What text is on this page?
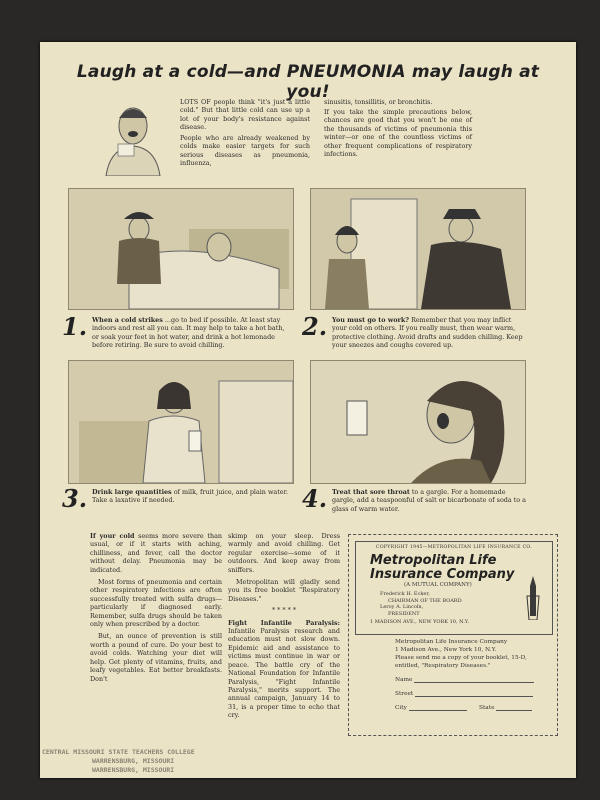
Laugh at a cold—and PNEUMONIA may laugh at you!

LOTS OF people think "it's just a little cold." But that little cold can use up a lot of your body's resistance against disease.

People who are already weakened by colds make easier targets for such serious diseases as pneumonia, influenza,

sinusitis, tonsillitis, or bronchitis.

If you take the simple precautions below, chances are good that you won't be one of the thousands of victims of pneumonia this winter—or one of the countless victims of other frequent complications of respiratory infections.

1. When a cold strikes ...go to bed if possible. At least stay indoors and rest all you can. It may help to take a hot bath, or soak your feet in hot water, and drink a hot lemonade before retiring. Be sure to avoid chilling.

2. You must go to work? Remember that you may inflict your cold on others. If you really must, then wear warm, protective clothing. Avoid drafts and sudden chilling. Keep your sneezes and coughs covered up.

3. Drink large quantities of milk, fruit juice, and plain water. Take a laxative if needed.	4. Treat that sore throat to a gargle. For a homemade gargle, add a teaspoonful of salt or bicarbonate of soda to a glass of warm water.

If your cold seems more severe than usual, or if it starts with aching, chilliness, and fever, call the doctor without delay. Pneumonia may be indicated.

Most forms of pneumonia and certain other respiratory infections are often successfully treated with sulfa drugs—particularly if diagnosed early. Remember, sulfa drugs should be taken only when prescribed by a doctor.

But, an ounce of prevention is still worth a pound of cure. Do your best to avoid colds. Watching your diet will help. Get plenty of vitamins, fruits, and leafy vegetables. Eat better breakfasts. Don't

skimp on your sleep. Dress warmly and avoid chilling. Get regular exercise—some of it outdoors. And keep away from sniffers.

Metropolitan will gladly send you its free booklet "Respiratory Diseases."

* * * * *

Fight Infantile Paralysis: Infantile Paralysis research and education must not slow down. Epidemic aid and assistance to victims must continue in war or peace. The battle cry of the National Foundation for Infantile Paralysis, "Fight Infantile Paralysis," merits support. The annual campaign, January 14 to 31, is a proper time to echo that cry.

COPYRIGHT 1945—METROPOLITAN LIFE INSURANCE CO.
Metropolitan Life
Insurance Company
(A MUTUAL COMPANY)
Frederick H. Ecker,
CHAIRMAN OF THE BOARD
Leroy A. Lincoln,
PRESIDENT
1 MADISON AVE., NEW YORK 10, N.Y.
Metropolitan Life Insurance Company
1 Madison Ave., New York 10, N.Y.
Please send me a copy of your booklet, 15-D, entitled, "Respiratory Diseases."
Name
Street
City	State
CENTRAL MISSOURI STATE TEACHERS COLLEGE
WARRENSBURG, MISSOURI
WARRENSBURG, MISSOURI
